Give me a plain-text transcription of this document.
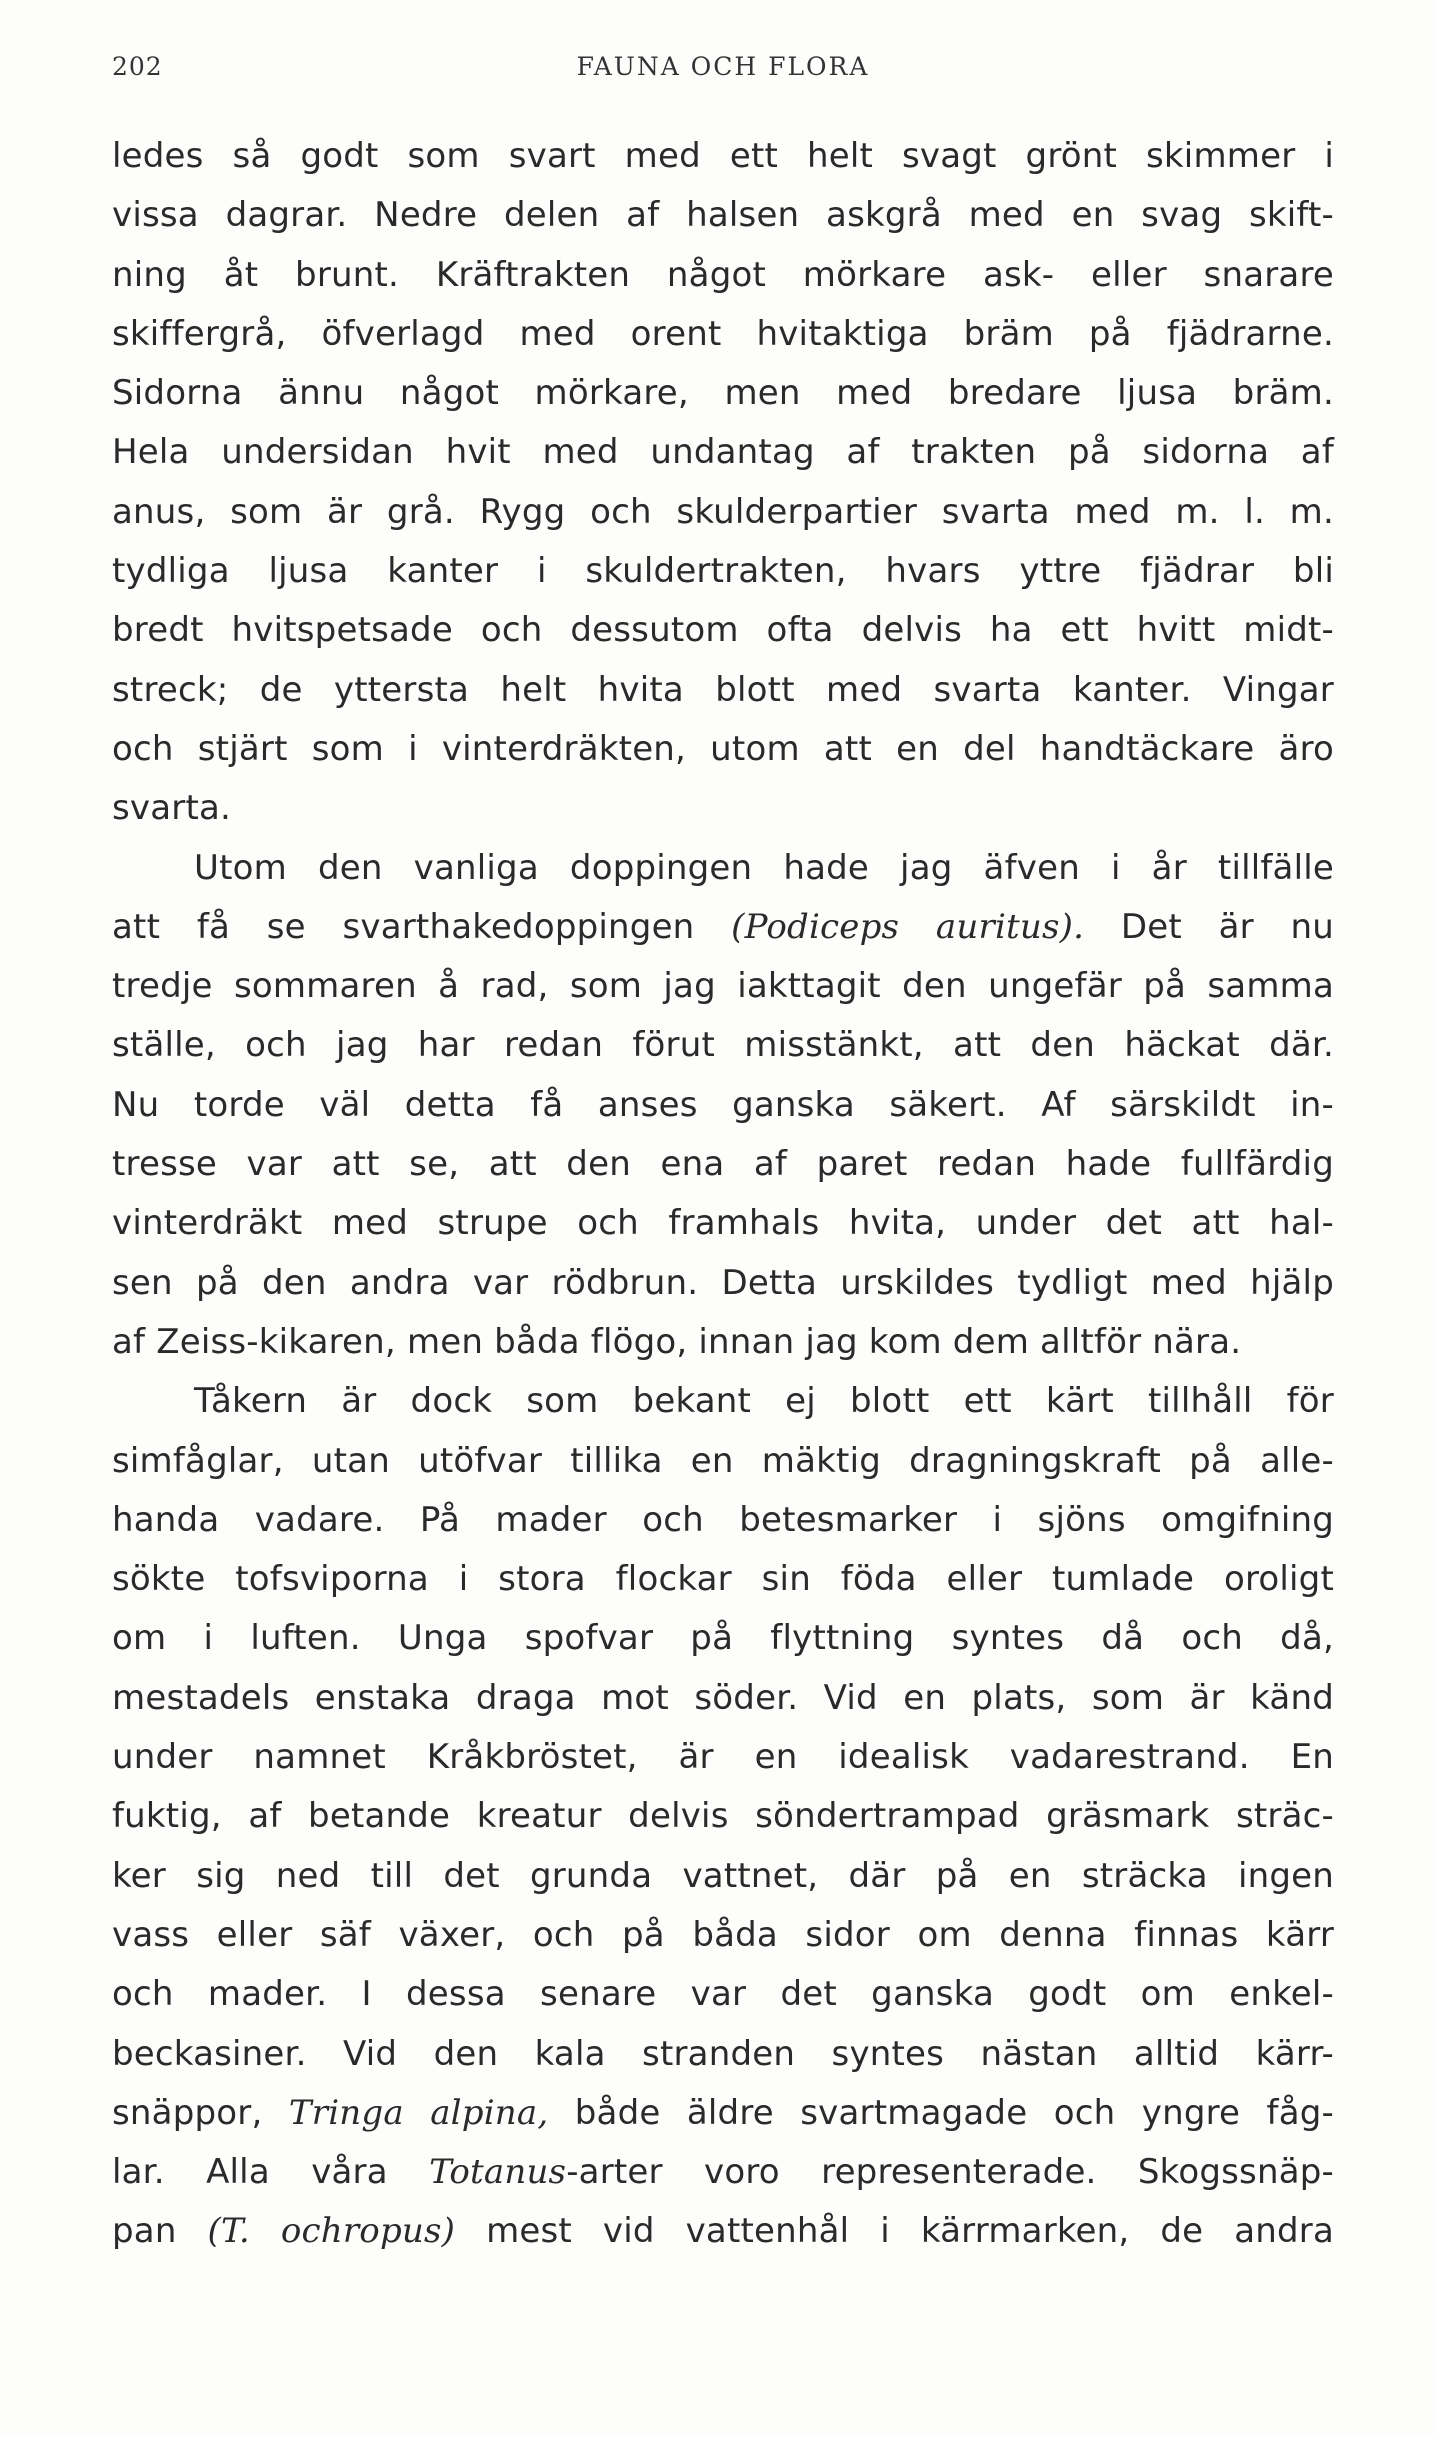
202	FAUNA OCH FLORA
ledes så godt som svart med ett helt svagt grönt skimmer i
vissa dagrar. Nedre delen af halsen askgrå med en svag skift-
ning åt brunt. Kräftrakten något mörkare ask- eller snarare
skiffergrå, öfverlagd med orent hvitaktiga bräm på fjädrarne.
Sidorna ännu något mörkare, men med bredare ljusa bräm.
Hela undersidan hvit med undantag af trakten på sidorna af
anus, som är grå. Rygg och skulderpartier svarta med m. l. m.
tydliga ljusa kanter i skuldertrakten, hvars yttre fjädrar bli
bredt hvitspetsade och dessutom ofta delvis ha ett hvitt midt-
streck; de yttersta helt hvita blott med svarta kanter. Vingar
och stjärt som i vinterdräkten, utom att en del handtäckare äro
svarta.
Utom den vanliga doppingen hade jag äfven i år tillfälle
att få se svarthakedoppingen (Podiceps auritus). Det är nu
tredje sommaren å rad, som jag iakttagit den ungefär på samma
ställe, och jag har redan förut misstänkt, att den häckat där.
Nu torde väl detta få anses ganska säkert. Af särskildt in-
tresse var att se, att den ena af paret redan hade fullfärdig
vinterdräkt med strupe och framhals hvita, under det att hal-
sen på den andra var rödbrun. Detta urskildes tydligt med hjälp
af Zeiss-kikaren, men båda flögo, innan jag kom dem alltför nära.
Tåkern är dock som bekant ej blott ett kärt tillhåll för
simfåglar, utan utöfvar tillika en mäktig dragningskraft på alle-
handa vadare. På mader och betesmarker i sjöns omgifning
sökte tofsviporna i stora flockar sin föda eller tumlade oroligt
om i luften. Unga spofvar på flyttning syntes då och då,
mestadels enstaka draga mot söder. Vid en plats, som är känd
under namnet Kråkbröstet, är en idealisk vadarestrand. En
fuktig, af betande kreatur delvis söndertrampad gräsmark sträc-
ker sig ned till det grunda vattnet, där på en sträcka ingen
vass eller säf växer, och på båda sidor om denna finnas kärr
och mader. I dessa senare var det ganska godt om enkel-
beckasiner. Vid den kala stranden syntes nästan alltid kärr-
snäppor, Tringa alpina, både äldre svartmagade och yngre fåg-
lar. Alla våra Totanus-arter voro representerade. Skogssnäp-
pan (T. ochropus) mest vid vattenhål i kärrmarken, de andra
